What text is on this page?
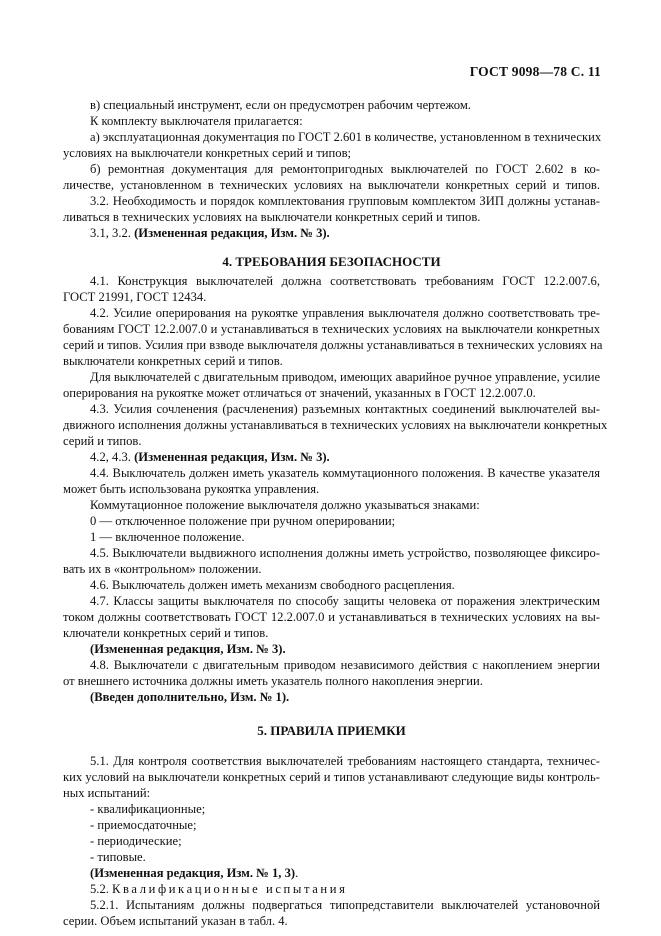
ГОСТ 9098—78 С. 11
в) специальный инструмент, если он предусмотрен рабочим чертежом.
К комплекту выключателя прилагается:
а) эксплуатационная документация по ГОСТ 2.601 в количестве, установленном в технических
условиях на выключатели конкретных серий и типов;
б) ремонтная документация для ремонтопригодных выключателей по ГОСТ 2.602 в ко-
личестве, установленном в технических условиях на выключатели конкретных серий и типов.
3.2. Необходимость и порядок комплектования групповым комплектом ЗИП должны устанав-
ливаться в технических условиях на выключатели конкретных серий и типов.
3.1, 3.2. (Измененная редакция, Изм. № 3).
4. ТРЕБОВАНИЯ БЕЗОПАСНОСТИ
4.1. Конструкция выключателей должна соответствовать требованиям ГОСТ 12.2.007.6,
ГОСТ 21991, ГОСТ 12434.
4.2. Усилие оперирования на рукоятке управления выключателя должно соответствовать тре-
бованиям ГОСТ 12.2.007.0 и устанавливаться в технических условиях на выключатели конкретных
серий и типов. Усилия при взводе выключателя должны устанавливаться в технических условиях на
выключатели конкретных серий и типов.
Для выключателей с двигательным приводом, имеющих аварийное ручное управление, усилие
оперирования на рукоятке может отличаться от значений, указанных в ГОСТ 12.2.007.0.
4.3. Усилия сочленения (расчленения) разъемных контактных соединений выключателей вы-
движного исполнения должны устанавливаться в технических условиях на выключатели конкретных
серий и типов.
4.2, 4.3. (Измененная редакция, Изм. № 3).
4.4. Выключатель должен иметь указатель коммутационного положения. В качестве указателя
может быть использована рукоятка управления.
Коммутационное положение выключателя должно указываться знаками:
0 — отключенное положение при ручном оперировании;
1 — включенное положение.
4.5. Выключатели выдвижного исполнения должны иметь устройство, позволяющее фиксиро-
вать их в «контрольном» положении.
4.6. Выключатель должен иметь механизм свободного расцепления.
4.7. Классы защиты выключателя по способу защиты человека от поражения электрическим
током должны соответствовать ГОСТ 12.2.007.0 и устанавливаться в технических условиях на вы-
ключатели конкретных серий и типов.
(Измененная редакция, Изм. № 3).
4.8. Выключатели с двигательным приводом независимого действия с накоплением энергии
от внешнего источника должны иметь указатель полного накопления энергии.
(Введен дополнительно, Изм. № 1).
5. ПРАВИЛА ПРИЕМКИ
5.1. Для контроля соответствия выключателей требованиям настоящего стандарта, техничес-
ких условий на выключатели конкретных серий и типов устанавливают следующие виды контроль-
ных испытаний:
- квалификационные;
- приемосдаточные;
- периодические;
- типовые.
(Измененная редакция, Изм. № 1, 3).
5.2. Квалификационные испытания
5.2.1. Испытаниям должны подвергаться типопредставители выключателей установочной
серии. Объем испытаний указан в табл. 4.
